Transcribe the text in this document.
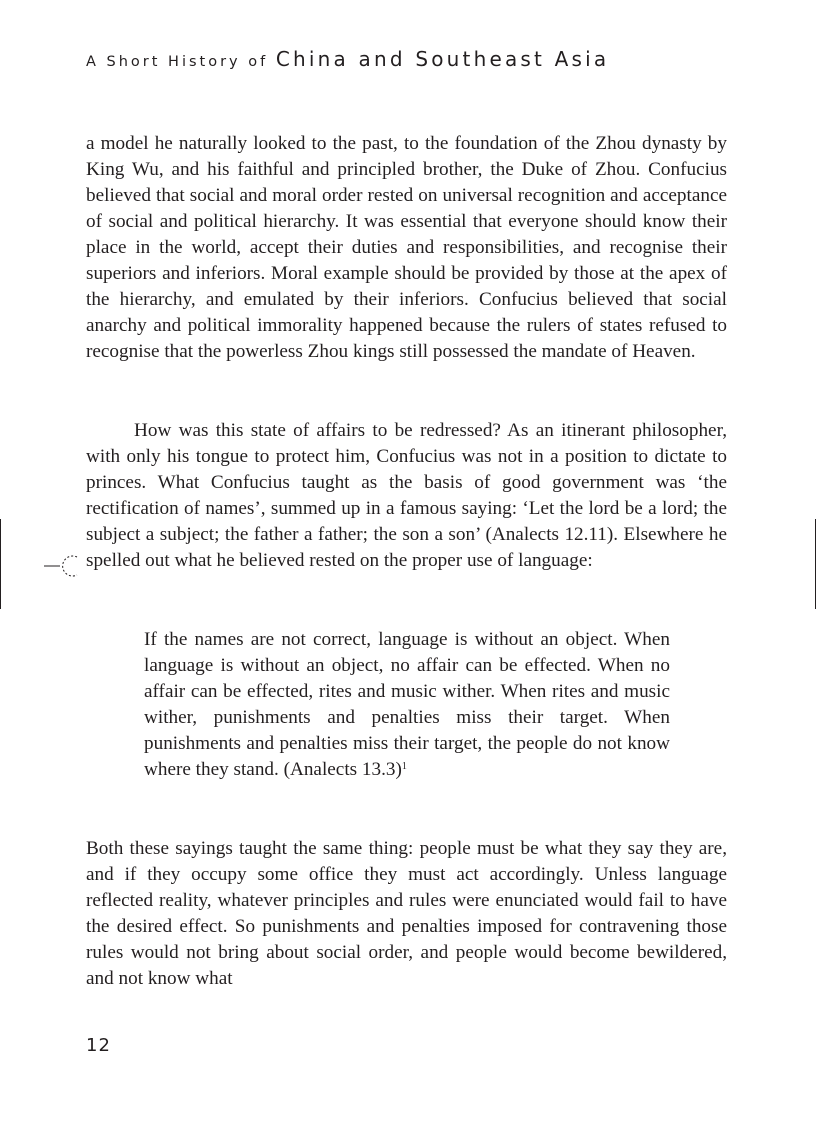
A Short History of China and Southeast Asia

a model he naturally looked to the past, to the foundation of the Zhou dynasty by King Wu, and his faithful and principled brother, the Duke of Zhou. Confucius believed that social and moral order rested on universal recognition and acceptance of social and political hierarchy. It was essential that everyone should know their place in the world, accept their duties and responsibilities, and recognise their superiors and inferiors. Moral example should be provided by those at the apex of the hierarchy, and emulated by their inferiors. Confucius believed that social anarchy and political immorality happened because the rulers of states refused to recognise that the powerless Zhou kings still possessed the mandate of Heaven.

How was this state of affairs to be redressed? As an itinerant philosopher, with only his tongue to protect him, Confucius was not in a position to dictate to princes. What Confucius taught as the basis of good government was ‘the rectification of names’, summed up in a famous saying: ‘Let the lord be a lord; the subject a subject; the father a father; the son a son’ (Analects 12.11). Elsewhere he spelled out what he believed rested on the proper use of language:

If the names are not correct, language is without an object. When language is without an object, no affair can be effected. When no affair can be effected, rites and music wither. When rites and music wither, punishments and penalties miss their target. When punishments and penalties miss their target, the people do not know where they stand. (Analects 13.3)$^1$

Both these sayings taught the same thing: people must be what they say they are, and if they occupy some office they must act accordingly. Unless language reflected reality, whatever principles and rules were enunciated would fail to have the desired effect. So punishments and penalties imposed for contravening those rules would not bring about social order, and people would become bewildered, and not know what

12
